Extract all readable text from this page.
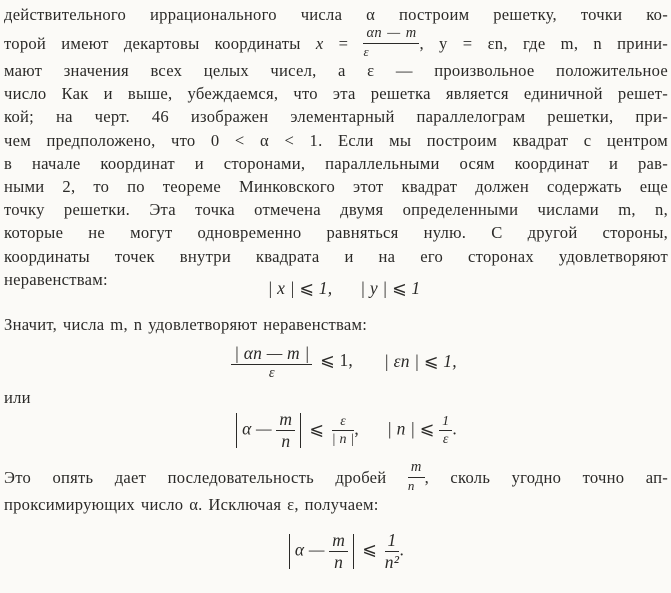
действительного иррационального числа α построим решетку, точки ко-
торой имеют декартовы координаты $x = \frac{\alpha n — m}{\varepsilon}$ , y = εn, где m, n прини-
мают значения всех целых чисел, а ε — произвольное положительное
число Как и выше, убеждаемся, что эта решетка является единичной решет-
кой; на черт. 46 изображен элементарный параллелограм решетки, при-
чем предположено, что 0 < α < 1. Если мы построим квадрат с центром
в начале координат и сторонами, параллельными осям координат и рав-
ными 2, то по теореме Минковского этот квадрат должен содержать еще
точку решетки. Эта точка отмечена двумя определенными числами m, n,
которые не могут одновременно равняться нулю. С другой стороны,
координаты точек внутри квадрата и на его сторонах удовлетворяют
неравенствам:	| x | ⩽ 1, | y | ⩽ 1
Значит, числа m, n удовлетворяют неравенствам:
$\frac{| \alpha n — m |}{\varepsilon}$ ⩽ 1, | εn | ⩽ 1,
или
α — $\frac{m}{n}$ ⩽ $\frac{\varepsilon}{| n |}$ , | n | ⩽ $\frac{1}{\varepsilon}$ .
Это опять дает последовательность дробей $\frac{m}{n}$ , сколь угодно точно ап-
проксимирующих число α. Исключая ε, получаем:
α — $\frac{m}{n}$ ⩽ $\frac{1}{\text{n²}}$ .
